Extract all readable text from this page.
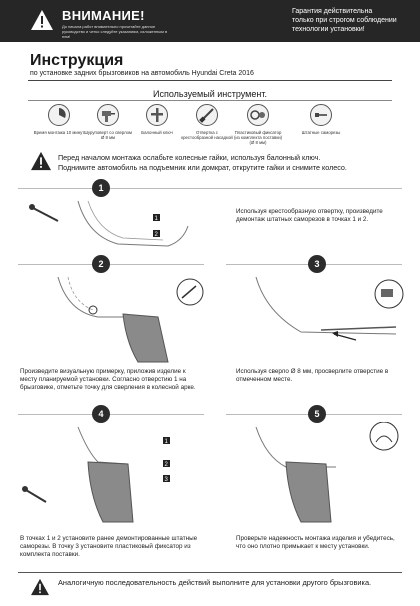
ВНИМАНИЕ!
До начала работ внимательно прочитайте данное руководство и четко следуйте указаниям, изложенным в нем!
Гарантия действительна
только при строгом соблюдении
технологии установки!
Инструкция
по установке задних брызговиков на автомобиль Hyundai Creta 2016
Используемый инструмент.
Время монтажа 10 минут Шуруповерт со сверлом Ø 8 мм
Балонный ключ	Отвертка с крестообразной насадкой
Пластиковый фиксатор (из комплекта поставки) (Ø 8 мм)
Штатные саморезы
Перед началом монтажа ослабьте колесные гайки, используя балонный ключ.
Поднимите автомобиль на подъемник или домкрат, открутите гайки и снимите колесо.
1
1
2
Используя крестообразную отвертку, произведите демонтаж штатных саморезов в точках 1 и 2.
2	3
Произведите визуальную примерку, приложив изделие к месту планируемой установки. Согласно отверстию 1 на брызговике, отметьте точку для сверления в колесной арке.
Используя сверло Ø 8 мм, просверлите отверстие в отмеченном месте.
4	5
1
2
3
В точках 1 и 2 установите ранее демонтированные штатные саморезы. В точку 3 установите пластиковый фиксатор из комплекта поставки.
Проверьте надежность монтажа изделия и убедитесь, что оно плотно примыкает к месту установки.
Аналогичную последовательность действий выполните для установки другого брызговика.
